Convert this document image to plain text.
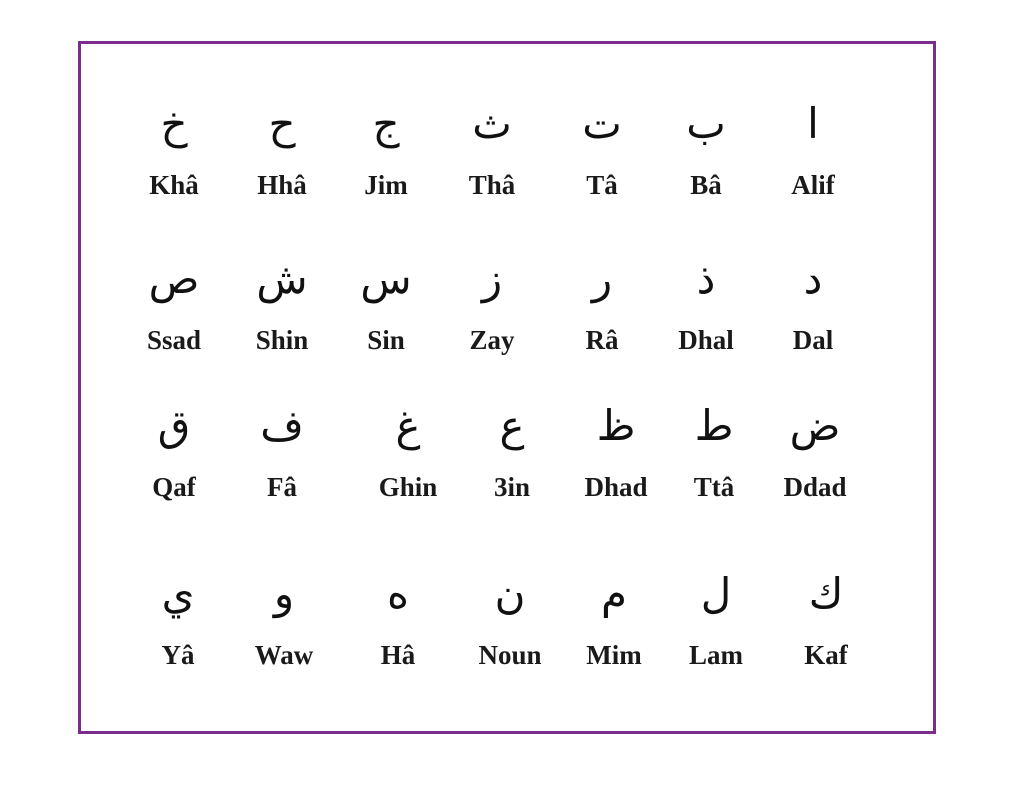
خ
Khâ
ح
Hhâ
ج
Jim
ث
Thâ
ت
Tâ
ب
Bâ
ا
Alif
ص
Ssad
ش
Shin
س
Sin
ز
Zay
ر
Râ
ذ
Dhal
د
Dal
ق
Qaf
ف
Fâ
غ
Ghin
ع
3in
ظ
Dhad
ط
Ttâ
ض
Ddad
ي
Yâ
و
Waw
ه
Hâ
ن
Noun
م
Mim
ل
Lam
ك
Kaf
